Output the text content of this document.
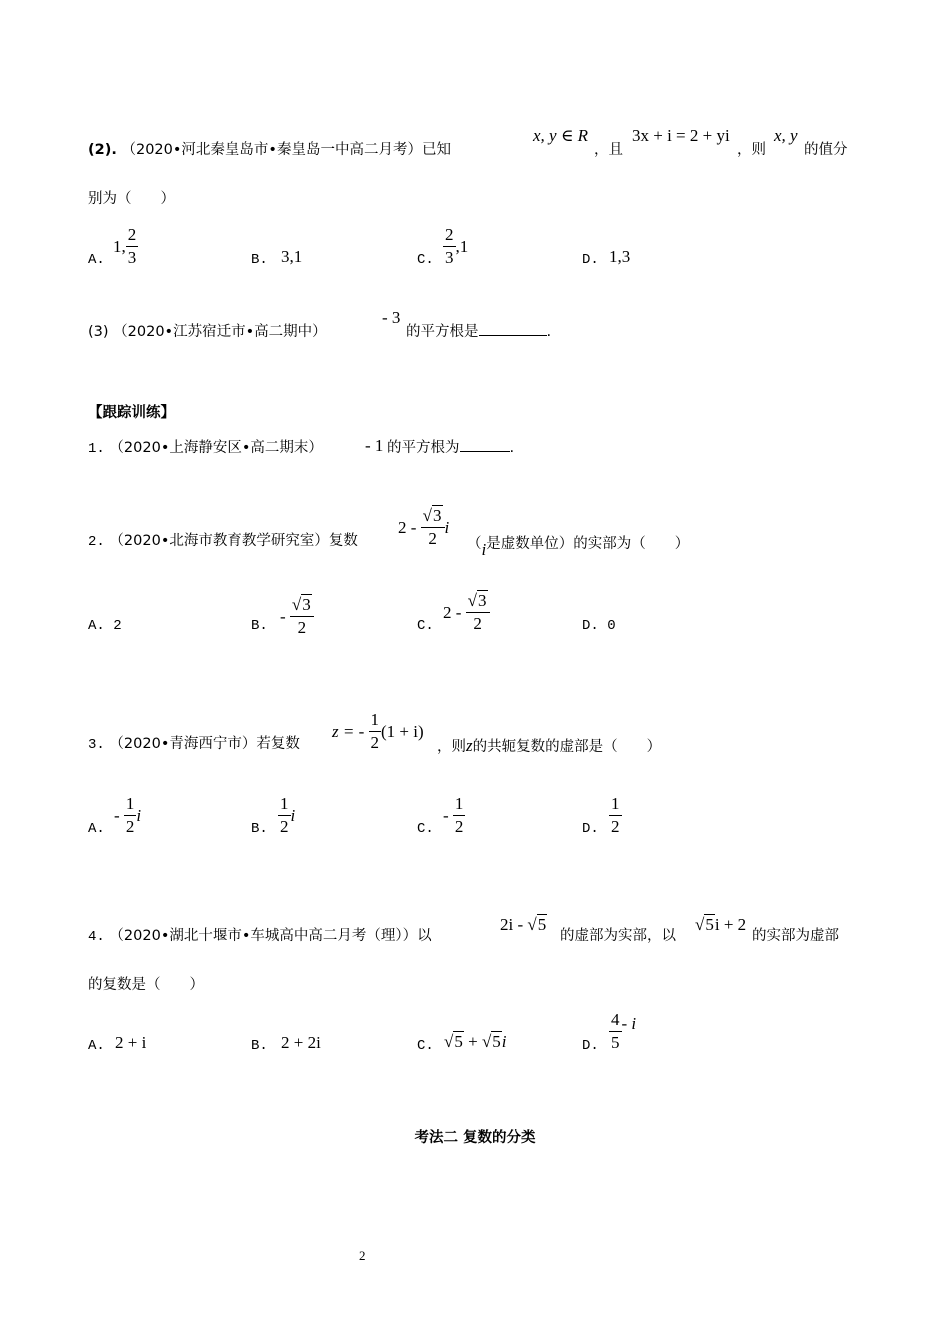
(2). （2020•河北秦皇岛市•秦皇岛一中高二月考）已知
x, y ∈ R
，且
3x + i = 2 + yi
，则
x, y
的值分
别为（　　）
A.
1, $\frac{2}{3}$	B. 3,1	C. $\frac{2}{3} ,1$
D. 1,3
(3) （2020•江苏宿迁市•高二期中）
- 3
的平方根是	.
【跟踪训练】
1. （2020•上海静安区•高二期末） - 1 的平方根为	.
2. （2020•北海市教育教学研究室）复数
$2 - \frac{√3}{2}$ i
（i是虚数单位）的实部为（　　）
A. 2	B.
- $\frac{√3}{2}$	C.
$2 - \frac{√3}{2}$	D. 0
3. （2020•青海西宁市）若复数
z = - $\frac{1}{2} (1 + i)$
，则z的共轭复数的虚部是（　　）
A.
- $\frac{1}{2}$ i
B. $\frac{1}{2}$ i
C.
- $\frac{1}{2}$	D. $\frac{1}{2}$
4. （2020•湖北十堰市•车城高中高二月考（理））以
2i - √5
的虚部为实部，以
√5i + 2
的实部为虚部
的复数是（　　）
A. 2 + i	B. 2 + 2i	C. √5 + √5i	D. $\frac{4}{5}$ - i
考法二 复数的分类
2
